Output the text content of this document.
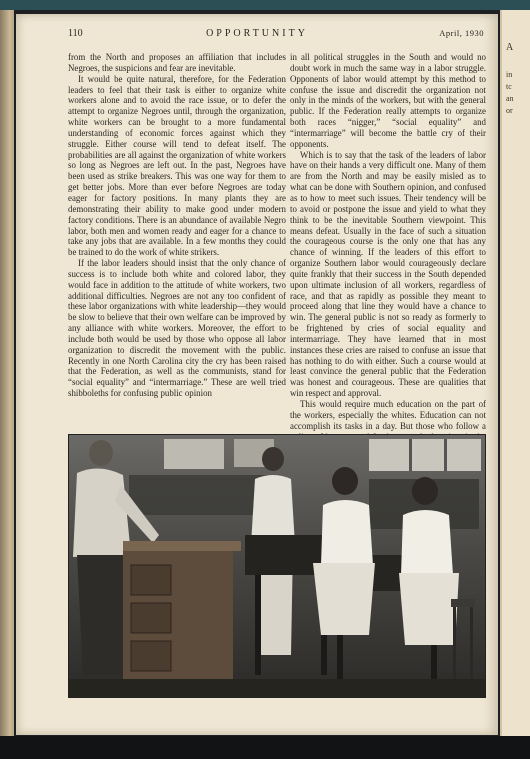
A
in
tc
an
or
110	OPPORTUNITY	April, 1930

from the North and proposes an affiliation that includes Negroes, the suspicions and fear are inevitable.

It would be quite natural, therefore, for the Federation leaders to feel that their task is either to organize white workers alone and to avoid the race issue, or to defer the attempt to organize Negroes until, through the organization, white workers can be brought to a more fundamental understanding of economic forces against which they struggle. Either course will tend to defeat itself. The probabilities are all against the organization of white workers so long as Negroes are left out. In the past, Negroes have been used as strike breakers. This was one way for them to get better jobs. More than ever before Negroes are today eager for factory positions. In many plants they are demonstrating their ability to make good under modern factory conditions. There is an abundance of available Negro labor, both men and women ready and eager for a chance to take any jobs that are available. In a few months they could be trained to do the work of white strikers.

If the labor leaders should insist that the only chance of success is to include both white and colored labor, they would face in addition to the attitude of white workers, two additional difficulties. Negroes are not any too confident of these labor organizations with white leadership—they would be slow to believe that their own welfare can be improved by any alliance with white workers. Moreover, the effort to include both would be used by those who oppose all labor organization to discredit the movement with the public. Recently in one North Carolina city the cry has been raised that the Federation, as well as the communists, stand for “social equality” and “intermarriage.” These are well tried shibboleths for confusing public opinion

in all political struggles in the South and would no doubt work in much the same way in a labor struggle. Opponents of labor would attempt by this method to confuse the issue and discredit the organization not only in the minds of the workers, but with the general public. If the Federation really attempts to organize both races “nigger,” “social equality” and “intermarriage” will become the battle cry of their opponents.

Which is to say that the task of the leaders of labor have on their hands a very difficult one. Many of them are from the North and may be easily misled as to what can be done with Southern opinion, and confused as to how to meet such issues. Their tendency will be to avoid or postpone the issue and yield to what they think to be the inevitable Southern viewpoint. This means defeat. Usually in the face of such a situation the courageous course is the only one that has any chance of winning. If the leaders of this effort to organize Southern labor would courageously declare quite frankly that their success in the South depended upon ultimate inclusion of all workers, regardless of race, and that as rapidly as possible they meant to proceed along that line they would have a chance to win. The general public is not so ready as formerly to be frightened by cries of social equality and intermarriage. They have learned that in most instances these cries are raised to confuse an issue that has nothing to do with either. Such a course would at least convince the general public that the Federation was honest and courageous. These are qualities that win respect and approval.

This would require much education on the part of the workers, especially the whites. Education can not accomplish its tasks in a day. But those who follow a
